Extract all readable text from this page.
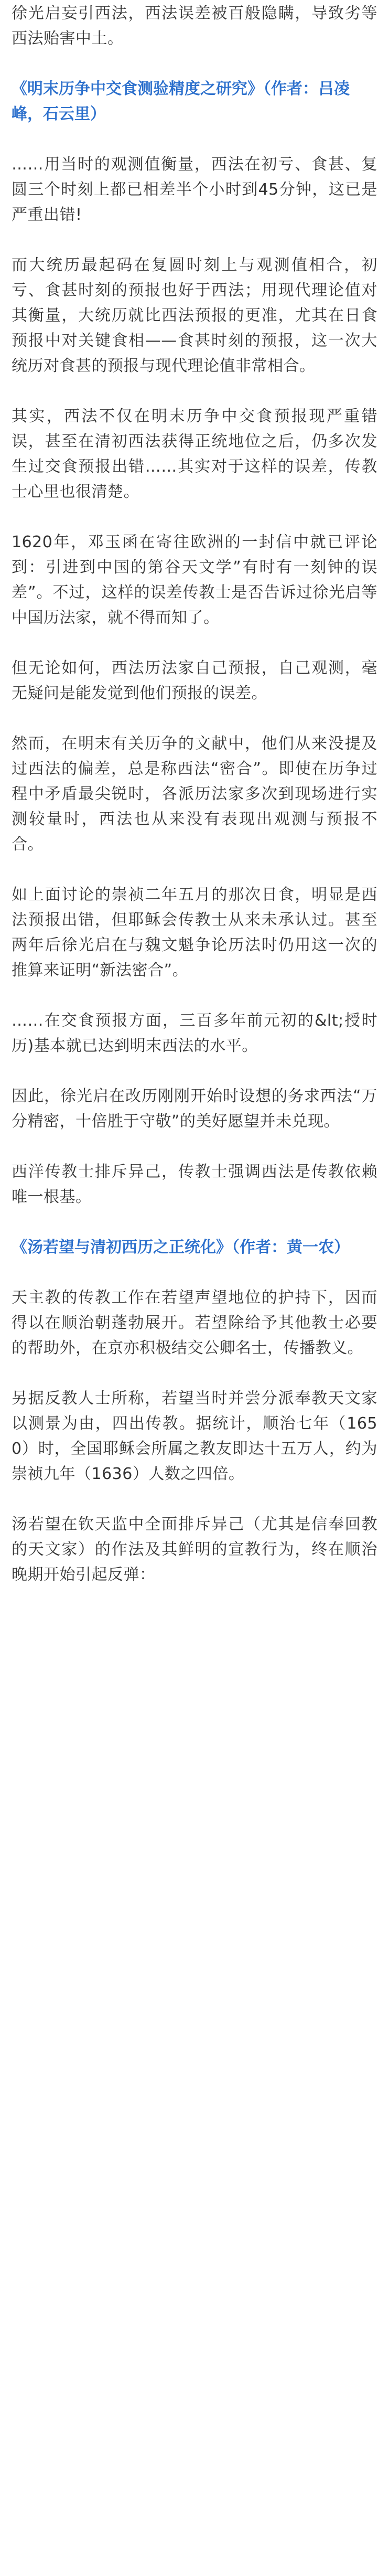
徐光启妄引西法，西法误差被百般隐瞒，导致劣等西法贻害中土。

《明末历争中交食测验精度之研究》（作者：吕凌峰，石云里）

……用当时的观测值衡量，西法在初亏、食甚、复圆三个时刻上都已相差半个小时到45分钟，这已是严重出错!

而大统历最起码在复圆时刻上与观测值相合，初亏、食甚时刻的预报也好于西法；用现代理论值对其衡量，大统历就比西法预报的更准，尤其在日食预报中对关键食相——食甚时刻的预报，这一次大统历对食甚的预报与现代理论值非常相合。

其实，西法不仅在明末历争中交食预报现严重错误，甚至在清初西法获得正统地位之后，仍多次发生过交食预报出错……其实对于这样的误差，传教士心里也很清楚。

1620年，邓玉函在寄往欧洲的一封信中就已评论到：引进到中国的第谷天文学”有时有一刻钟的误差”。不过，这样的误差传教士是否告诉过徐光启等中国历法家，就不得而知了。

但无论如何，西法历法家自己预报，自己观测，毫无疑问是能发觉到他们预报的误差。

然而，在明末有关历争的文献中，他们从来没提及过西法的偏差，总是称西法“密合”。即使在历争过程中矛盾最尖锐时，各派历法家多次到现场进行实测较量时，西法也从来没有表现出观测与预报不合。

如上面讨论的崇祯二年五月的那次日食，明显是西法预报出错，但耶稣会传教士从来未承认过。甚至两年后徐光启在与魏文魁争论历法时仍用这一次的推算来证明“新法密合”。

……在交食预报方面，三百多年前元初的&lt;授时历)基本就已达到明末西法的水平。

因此，徐光启在改历刚刚开始时设想的务求西法“万分精密，十倍胜于守敬”的美好愿望并未兑现。

西洋传教士排斥异己，传教士强调西法是传教依赖唯一根基。

《汤若望与清初西历之正统化》（作者：黄一农）

天主教的传教工作在若望声望地位的护持下，因而得以在顺治朝蓬勃展开。若望除给予其他教士必要的帮助外，在京亦积极结交公卿名士，传播教义。

另据反教人士所称，若望当时并尝分派奉教天文家以测景为由，四出传教。据统计，顺治七年（1650）时，全国耶稣会所属之教友即达十五万人，约为崇祯九年（1636）人数之四倍。

汤若望在钦天监中全面排斥异己（尤其是信奉回教的天文家）的作法及其鲜明的宣教行为，终在顺治晚期开始引起反弹：
